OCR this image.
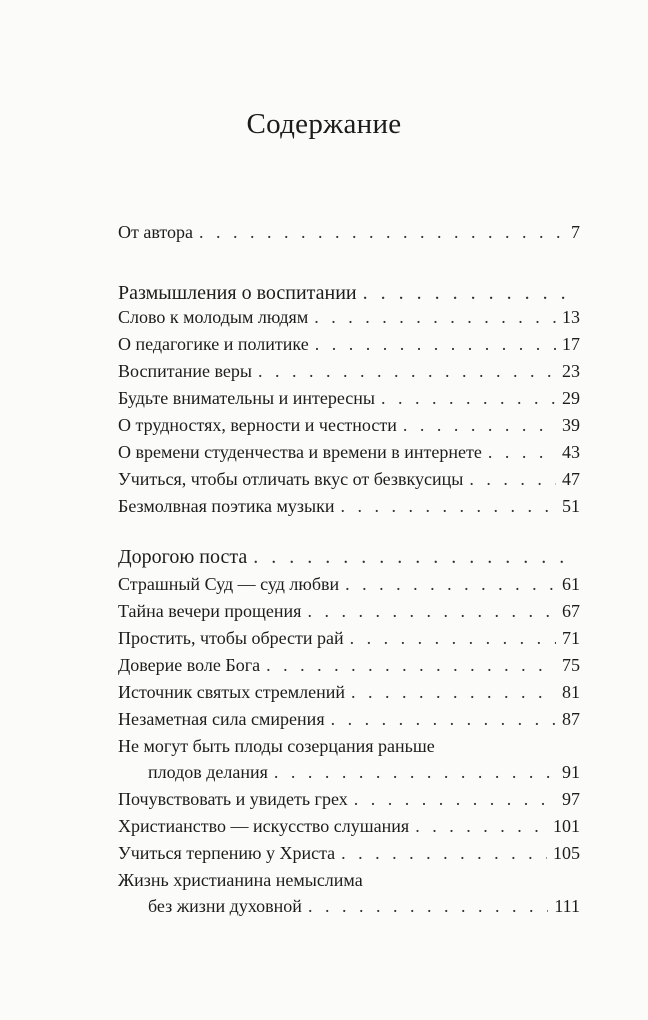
Содержание
От автора . . .	7
Размышления о воспитании
. . .
Слово к молодым людям . . .	13
О педагогике и политике . . .	17
Воспитание веры . . .	23
Будьте внимательны и интересны . . .	29
О трудностях, верности и честности . . .	39
О времени студенчества и времени в интернете . . .	43
Учиться, чтобы отличать вкус от безвкусицы . . .	47
Безмолвная поэтика музыки . . .	51
Дорогою поста
. . .
Страшный Суд — суд любви . . .	61
Тайна вечери прощения . . .	67
Простить, чтобы обрести рай . . .	71
Доверие воле Бога . . .	75
Источник святых стремлений . . .	81
Незаметная сила смирения . . .	87
Не могут быть плоды созерцания раньше
плодов делания . . .	91
Почувствовать и увидеть грех . . .	97
Христианство — искусство слушания . . .	101
Учиться терпению у Христа . . .	105
Жизнь христианина немыслима
без жизни духовной . . .	111
